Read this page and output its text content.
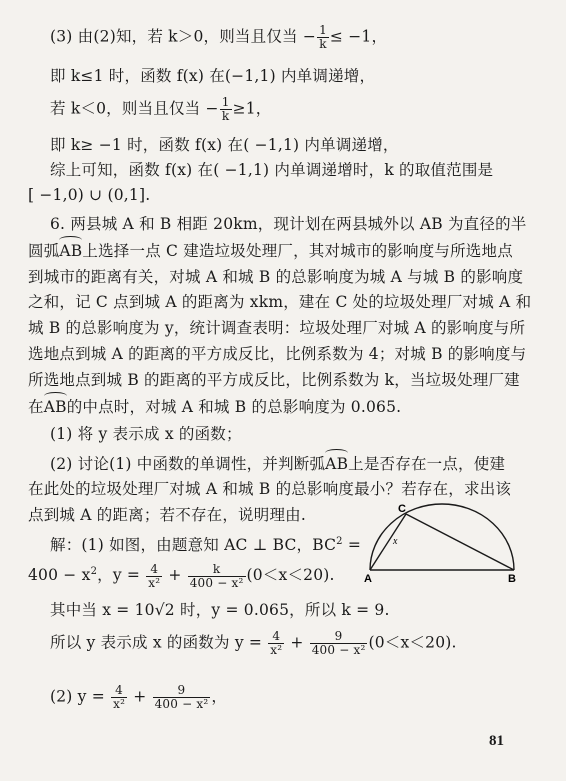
(3) 由(2)知，若 k＞0，则当且仅当 − $\frac{1}{k} \le -1$，
即 k≤1 时，函数 f(x) 在(−1,1) 内单调递增，
若 k＜0，则当且仅当 − $\frac{1}{k} \ge 1$，
即 k≥ −1 时，函数 f(x) 在( −1,1) 内单调递增，
综上可知，函数 f(x) 在( −1,1) 内单调递增时，k 的取值范围是
[ −1,0) ∪ (0,1].
6. 两县城 A 和 B 相距 20km，现计划在两县城外以 AB 为直径的半
圆弧AB上选择一点 C 建造垃圾处理厂，其对城市的影响度与所选地点
到城市的距离有关，对城 A 和城 B 的总影响度为城 A 与城 B 的影响度
之和，记 C 点到城 A 的距离为 xkm，建在 C 处的垃圾处理厂对城 A 和
城 B 的总影响度为 y，统计调查表明：垃圾处理厂对城 A 的影响度与所
选地点到城 A 的距离的平方成反比，比例系数为 4；对城 B 的影响度与
所选地点到城 B 的距离的平方成反比，比例系数为 k，当垃圾处理厂建
在AB的中点时，对城 A 和城 B 的总影响度为 0.065.
(1) 将 y 表示成 x 的函数；
(2) 讨论(1) 中函数的单调性，并判断弧AB上是否存在一点，使建
在此处的垃圾处理厂对城 A 和城 B 的总影响度最小？若存在，求出该
点到城 A 的距离；若不存在，说明理由.
解：(1) 如图，由题意知 AC ⊥ BC，$BC^2$ =
$400 - x^2$，$y = \frac{4}{\text{x²}} + \frac{k}{\text{400 − x²}} (0<x<20)$.
其中当 x = 10√2 时，y = 0.065，所以 k = 9.
所以 y 表示成 x 的函数为 $y = \frac{4}{\text{x²}} + \frac{9}{\text{400 − x²}} (0<x<20)$.
(2) $y = \frac{4}{\text{x²}} + \frac{9}{\text{400 − x²}}$ ，
A	B
C
x
81
